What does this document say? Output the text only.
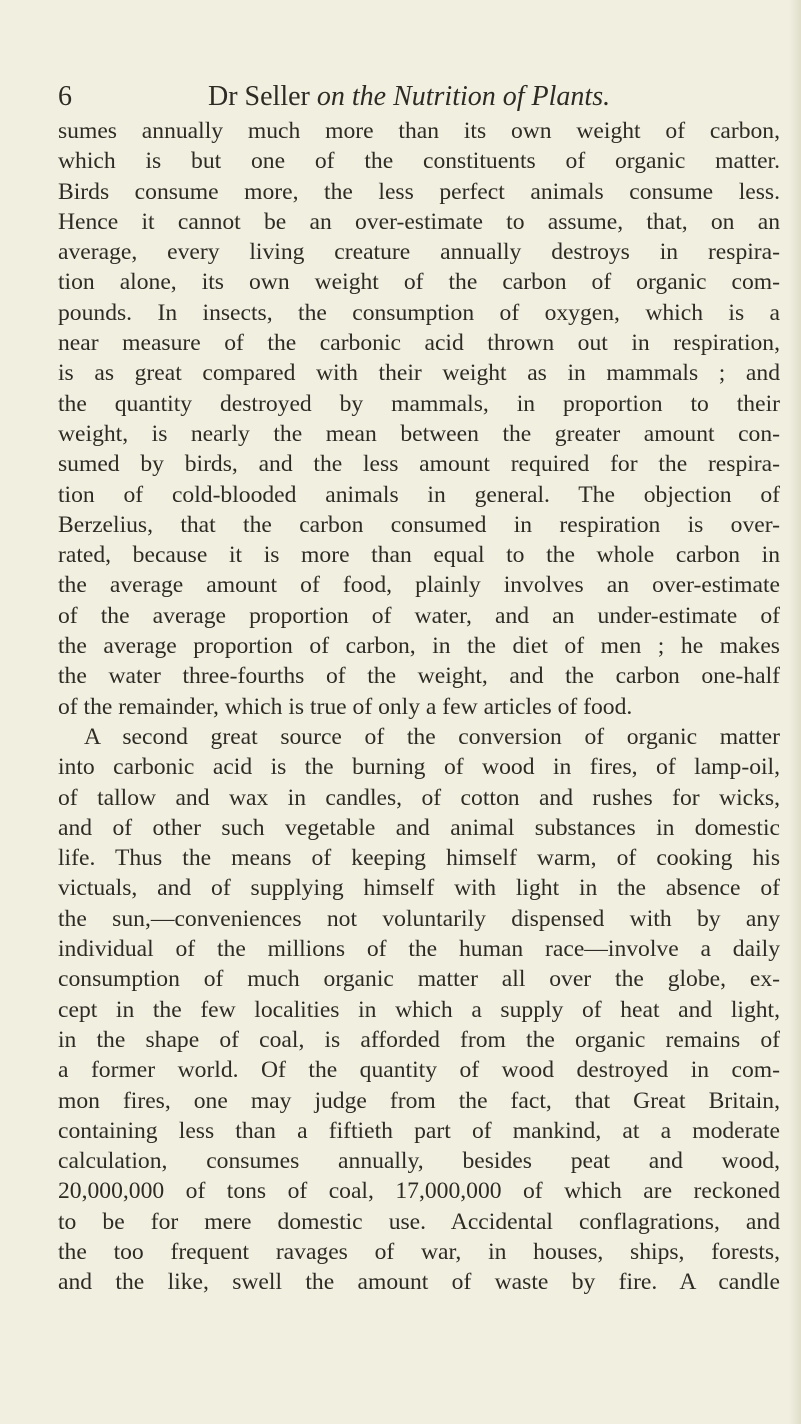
6	Dr Seller on the Nutrition of Plants.
sumes annually much more than its own weight of carbon,
which is but one of the constituents of organic matter.
Birds consume more, the less perfect animals consume less.
Hence it cannot be an over-estimate to assume, that, on an
average, every living creature annually destroys in respira-
tion alone, its own weight of the carbon of organic com-
pounds. In insects, the consumption of oxygen, which is a
near measure of the carbonic acid thrown out in respiration,
is as great compared with their weight as in mammals ; and
the quantity destroyed by mammals, in proportion to their
weight, is nearly the mean between the greater amount con-
sumed by birds, and the less amount required for the respira-
tion of cold-blooded animals in general. The objection of
Berzelius, that the carbon consumed in respiration is over-
rated, because it is more than equal to the whole carbon in
the average amount of food, plainly involves an over-estimate
of the average proportion of water, and an under-estimate of
the average proportion of carbon, in the diet of men ; he makes
the water three-fourths of the weight, and the carbon one-half
of the remainder, which is true of only a few articles of food.
A second great source of the conversion of organic matter
into carbonic acid is the burning of wood in fires, of lamp-oil,
of tallow and wax in candles, of cotton and rushes for wicks,
and of other such vegetable and animal substances in domestic
life. Thus the means of keeping himself warm, of cooking his
victuals, and of supplying himself with light in the absence of
the sun,—conveniences not voluntarily dispensed with by any
individual of the millions of the human race—involve a daily
consumption of much organic matter all over the globe, ex-
cept in the few localities in which a supply of heat and light,
in the shape of coal, is afforded from the organic remains of
a former world. Of the quantity of wood destroyed in com-
mon fires, one may judge from the fact, that Great Britain,
containing less than a fiftieth part of mankind, at a moderate
calculation, consumes annually, besides peat and wood,
20,000,000 of tons of coal, 17,000,000 of which are reckoned
to be for mere domestic use. Accidental conflagrations, and
the too frequent ravages of war, in houses, ships, forests,
and the like, swell the amount of waste by fire. A candle
